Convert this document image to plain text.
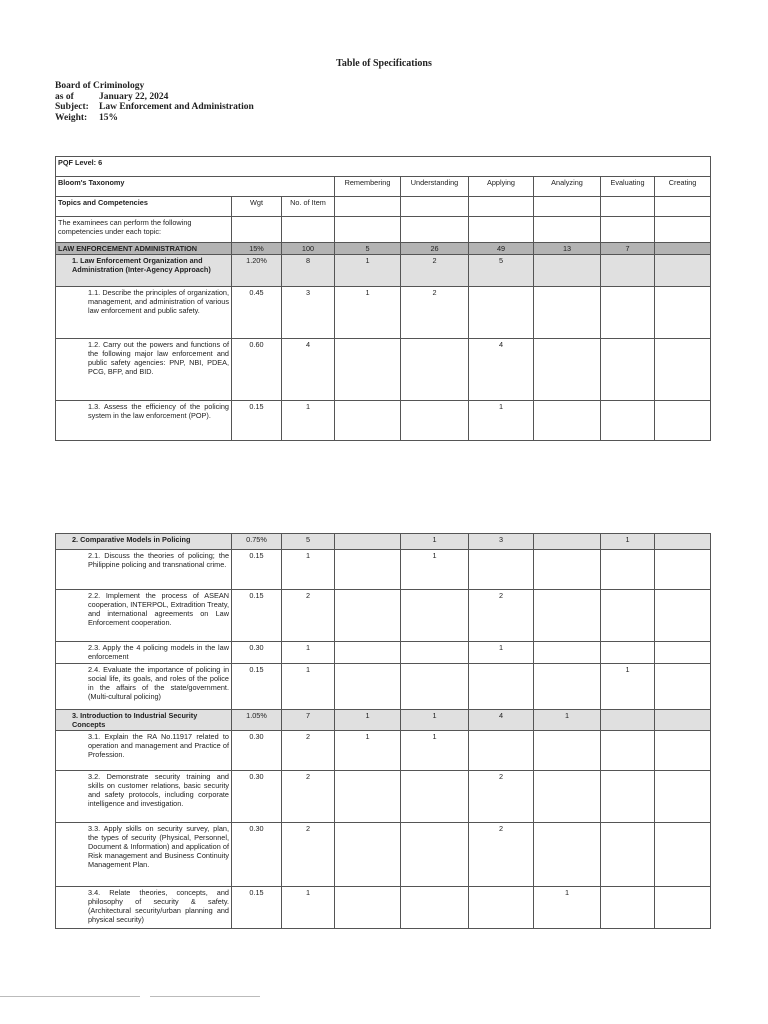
Table of Specifications
Board of Criminology
as of	January 22, 2024
Subject:	Law Enforcement and Administration
Weight:	15%
PQF Level: 6								
Bloom's Taxonomy			Remembering	Understanding	Applying	Analyzing	Evaluating	Creating
Topics and Competencies	Wgt	No. of Item						
The examinees can perform the following competencies under each topic:								
LAW ENFORCEMENT ADMINISTRATION	15%	100	5	26	49	13	7	
1. Law Enforcement Organization and Administration (Inter-Agency Approach)	1.20%	8	1	2	5			
1.1. Describe the principles of organization, management, and administration of various law enforcement and public safety.	0.45	3	1	2				
1.2. Carry out the powers and functions of the following major law enforcement and public safety agencies: PNP, NBI, PDEA, PCG, BFP, and BID.	0.60	4			4			
1.3. Assess the efficiency of the policing system in the law enforcement (POP).	0.15	1			1			
2. Comparative Models in Policing	0.75%	5		1	3		1	
2.1. Discuss the theories of policing; the Philippine policing and transnational crime.	0.15	1		1				
2.2. Implement the process of ASEAN cooperation, INTERPOL, Extradition Treaty, and international agreements on Law Enforcement cooperation.	0.15	2			2			
2.3. Apply the 4 policing models in the law enforcement	0.30	1			1			
2.4. Evaluate the importance of policing in social life, its goals, and roles of the police in the affairs of the state/government. (Multi-cultural policing)	0.15	1					1	
3. Introduction to Industrial Security Concepts	1.05%	7	1	1	4	1		
3.1. Explain the RA No.11917 related to operation and management and Practice of Profession.	0.30	2	1	1				
3.2. Demonstrate security training and skills on customer relations, basic security and safety protocols, including corporate intelligence and investigation.	0.30	2			2			
3.3. Apply skills on security survey, plan, the types of security (Physical, Personnel, Document & Information) and application of Risk management and Business Continuity Management Plan.	0.30	2			2			
3.4. Relate theories, concepts, and philosophy of security & safety. (Architectural security/urban planning and physical security)	0.15	1				1		
